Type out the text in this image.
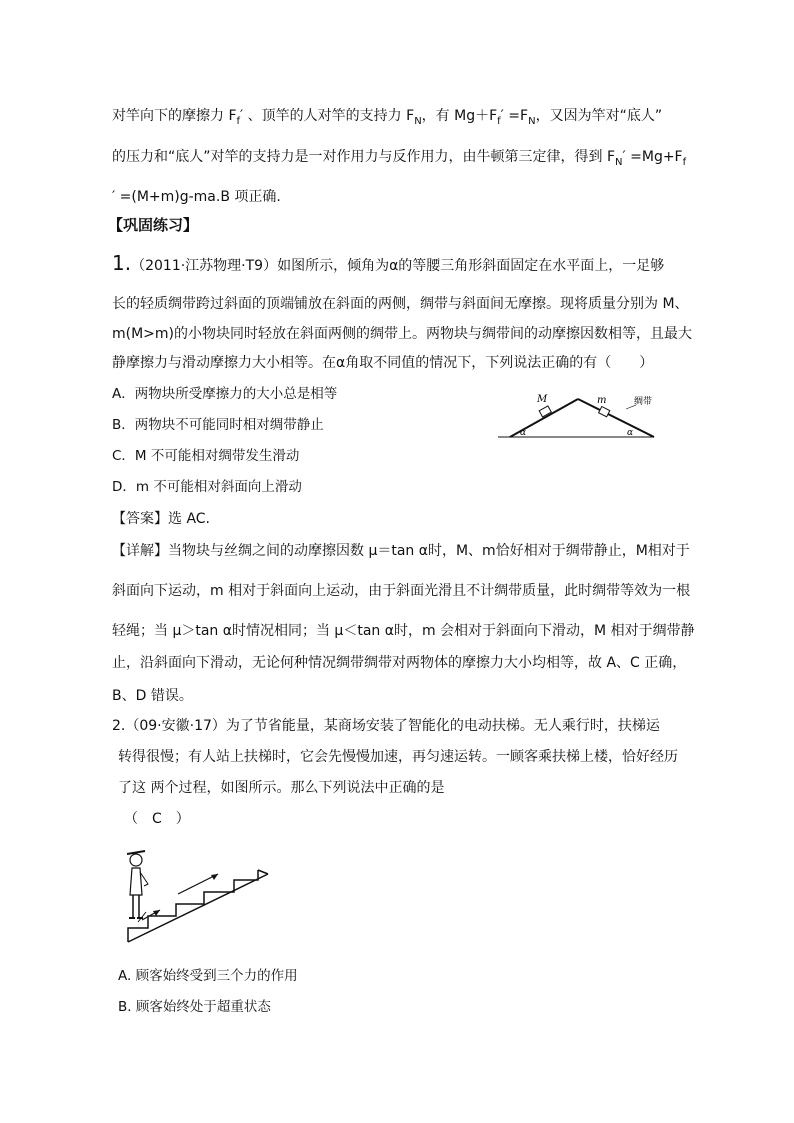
对竿向下的摩擦力 $F_f'$ 、顶竿的人对竿的支持力 $F_N$，有 $Mg+F_f' =F_N$，又因为竿对“底人”
的压力和“底人”对竿的支持力是一对作用力与反作用力，由牛顿第三定律，得到 $F_N' =Mg+F_f$
′ =(M+m)g-ma.B 项正确.
【巩固练习】
1.（2011·江苏物理·T9）如图所示，倾角为α的等腰三角形斜面固定在水平面上，一足够
长的轻质绸带跨过斜面的顶端铺放在斜面的两侧，绸带与斜面间无摩擦。现将质量分别为 M、
m(M>m)的小物块同时轻放在斜面两侧的绸带上。两物块与绸带间的动摩擦因数相等，且最大
静摩擦力与滑动摩擦力大小相等。在α角取不同值的情况下，下列说法正确的有（　　）
A．两物块所受摩擦力的大小总是相等
B．两物块不可能同时相对绸带静止
C．M 不可能相对绸带发生滑动
D．m 不可能相对斜面向上滑动
M	m	绸带
α	α
【答案】选 AC.
【详解】当物块与丝绸之间的动摩擦因数 μ＝tan α时，M、m恰好相对于绸带静止，M相对于
斜面向下运动，m 相对于斜面向上运动，由于斜面光滑且不计绸带质量，此时绸带等效为一根
轻绳；当 μ＞tan α时情况相同；当 μ＜tan α时，m 会相对于斜面向下滑动，M 相对于绸带静
止，沿斜面向下滑动，无论何种情况绸带绸带对两物体的摩擦力大小均相等，故 A、C 正确，
B、D 错误。
2.（09·安徽·17）为了节省能量，某商场安装了智能化的电动扶梯。无人乘行时，扶梯运
转得很慢；有人站上扶梯时，它会先慢慢加速，再匀速运转。一顾客乘扶梯上楼，恰好经历
了这 两个过程，如图所示。那么下列说法中正确的是
（　C　）
A. 顾客始终受到三个力的作用
B. 顾客始终处于超重状态
